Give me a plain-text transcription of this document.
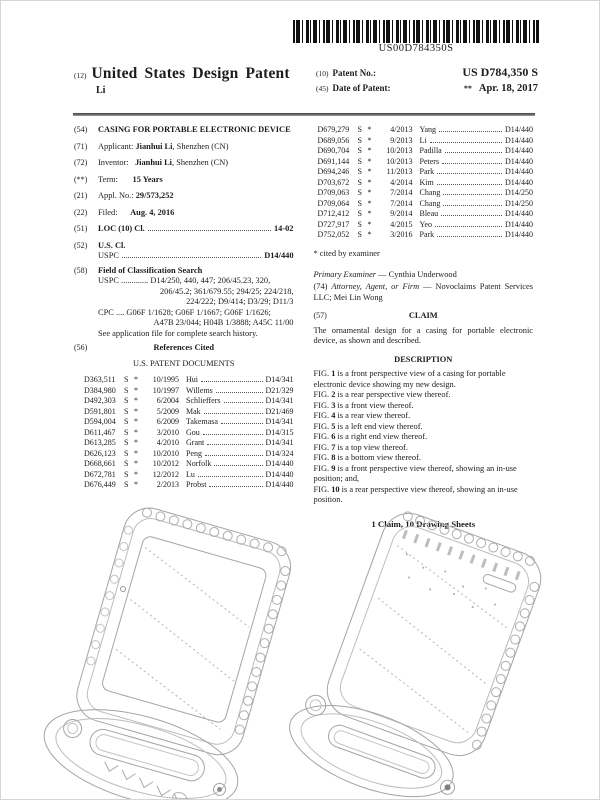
US00D784350S
(12) United States Design Patent
Li
(10) Patent No.:	US D784,350 S
(45) Date of Patent:	** Apr. 18, 2017
(54)	CASING FOR PORTABLE ELECTRONIC DEVICE
(71)	Applicant: Jianhui Li, Shenzhen (CN)
(72)	Inventor: Jianhui Li, Shenzhen (CN)
(**)	Term: 15 Years
(21)	Appl. No.: 29/573,252
(22)	Filed: Aug. 4, 2016
(51)	LOC (10) Cl.	14-02
(52)	U.S. Cl.
USPC	D14/440
(58)	Field of Classification Search
USPC ............. D14/250, 440, 447; 206/45.23, 320,
206/45.2; 361/679.55; 294/25; 224/218,
224/222; D9/414; D3/29; D11/3
CPC .... G06F 1/1628; G06F 1/1667; G06F 1/1626;
A47B 23/044; H04B 1/3888; A45C 11/00
See application file for complete search history.
(56)	References Cited
U.S. PATENT DOCUMENTS
D363,511	S *	10/1995 Hui	D14/341
D384,980	S *	10/1997 Willems	D21/329
D492,303	S *	6/2004 Schlieffers	D14/341
D591,801	S *	5/2009 Mak	D21/469
D594,004	S *	6/2009 Takemasa	D14/341
D611,467	S *	3/2010 Gou	D14/315
D613,285	S *	4/2010 Grant	D14/341
D626,123	S *	10/2010 Peng	D14/324
D668,661	S *	10/2012 Norfolk	D14/440
D672,781	S *	12/2012 Lu	D14/440
D676,449	S *	2/2013 Probst	D14/440
D679,279	S *	4/2013 Yang	D14/440
D689,056	S *	9/2013 Li	D14/440
D690,704	S *	10/2013 Padilla	D14/440
D691,144	S *	10/2013 Peters	D14/440
D694,246	S *	11/2013 Park	D14/440
D703,672	S *	4/2014 Kim	D14/440
D709,063	S *	7/2014 Chang	D14/250
D709,064	S *	7/2014 Chang	D14/250
D712,412	S *	9/2014 Bleau	D14/440
D727,917	S *	4/2015 Yeo	D14/440
D752,052	S *	3/2016 Park	D14/440
* cited by examiner
Primary Examiner — Cynthia Underwood
(74) Attorney, Agent, or Firm — Novoclaims Patent Services LLC; Mei Lin Wong
(57)	CLAIM
The ornamental design for a casing for portable electronic device, as shown and described.
DESCRIPTION
FIG. 1 is a front perspective view of a casing for portable electronic device showing my new design.
FIG. 2 is a rear perspective view thereof.
FIG. 3 is a front view thereof.
FIG. 4 is a rear view thereof.
FIG. 5 is a left end view thereof.
FIG. 6 is a right end view thereof.
FIG. 7 is a top view thereof.
FIG. 8 is a bottom view thereof.
FIG. 9 is a front perspective view thereof, showing an in-use position; and,
FIG. 10 is a rear perspective view thereof, showing an in-use position.
1 Claim, 10 Drawing Sheets
